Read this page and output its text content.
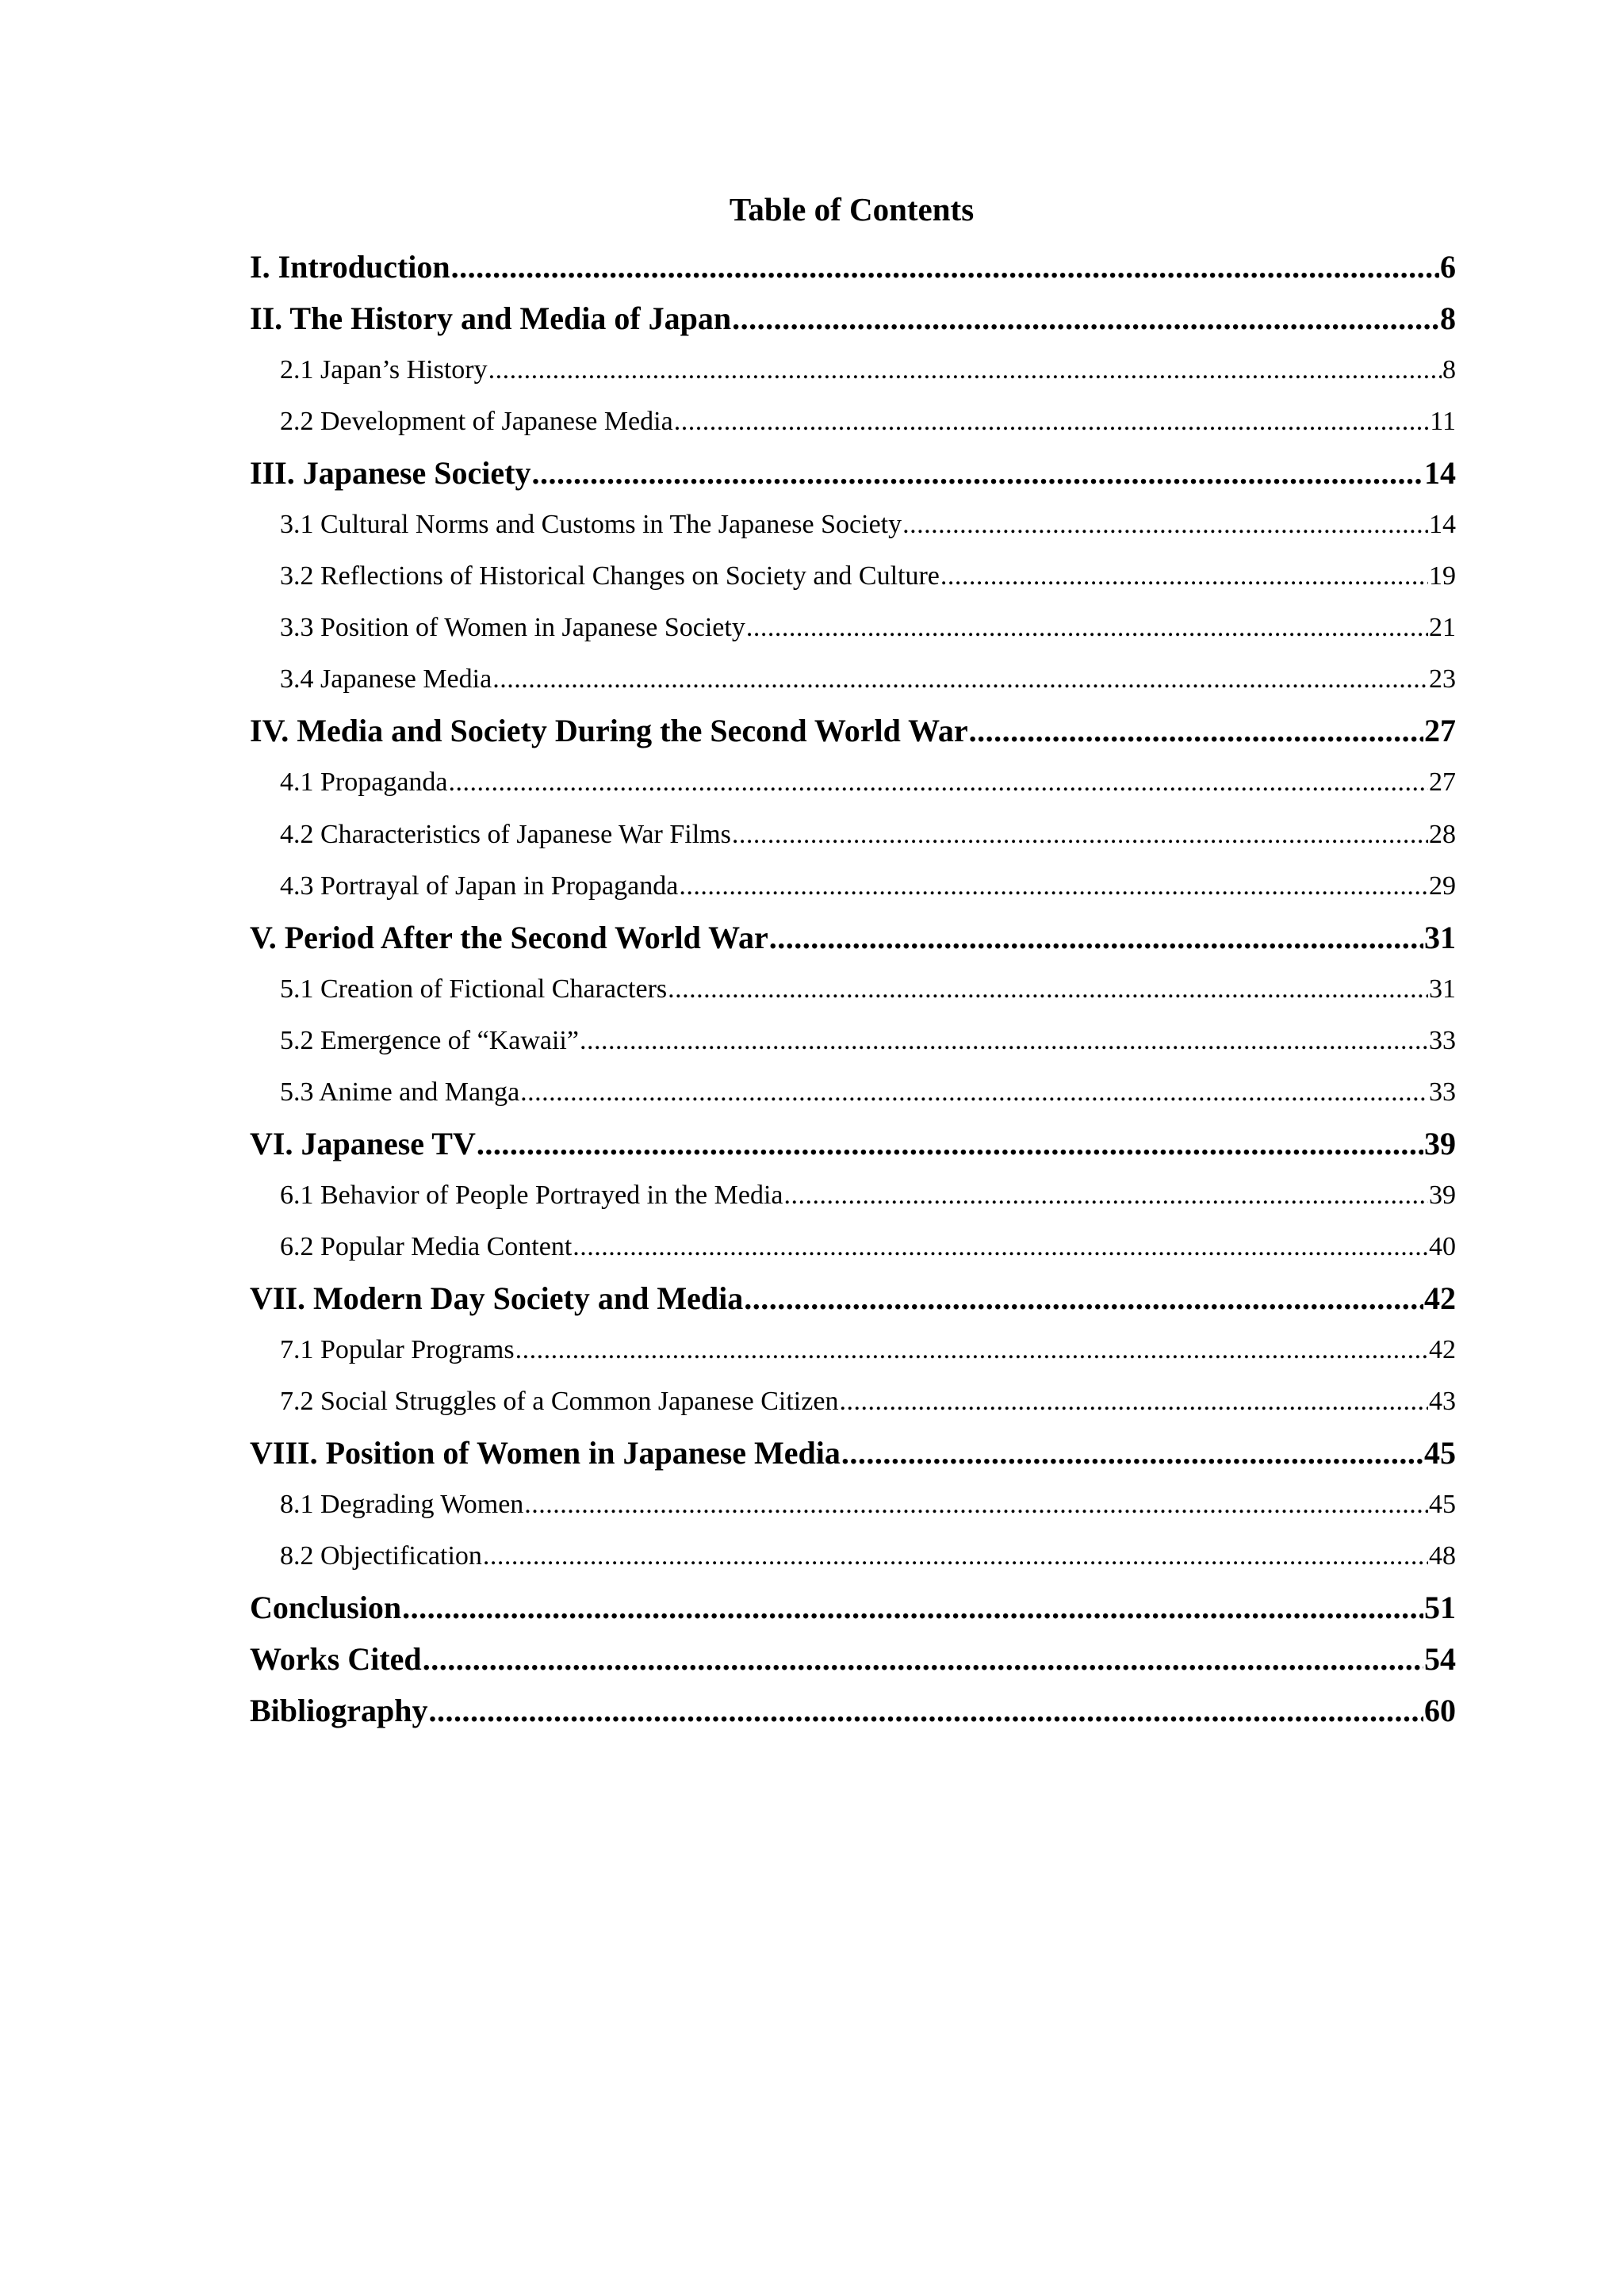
Table of Contents
I. Introduction .....	6
II. The History and Media of Japan .....	8
2.1 Japan’s History .....	8
2.2 Development of Japanese Media .....	11
III. Japanese Society .....	14
3.1 Cultural Norms and Customs in The Japanese Society .....	14
3.2 Reflections of Historical Changes on Society and Culture .....	19
3.3 Position of Women in Japanese Society .....	21
3.4 Japanese Media .....	23
IV. Media and Society During the Second World War .....	27
4.1 Propaganda .....	27
4.2 Characteristics of Japanese War Films .....	28
4.3 Portrayal of Japan in Propaganda .....	29
V. Period After the Second World War .....	31
5.1 Creation of Fictional Characters .....	31
5.2 Emergence of “Kawaii” .....	33
5.3 Anime and Manga .....	33
VI. Japanese TV .....	39
6.1 Behavior of People Portrayed in the Media .....	39
6.2 Popular Media Content .....	40
VII. Modern Day Society and Media .....	42
7.1 Popular Programs .....	42
7.2 Social Struggles of a Common Japanese Citizen .....	43
VIII. Position of Women in Japanese Media .....	45
8.1 Degrading Women .....	45
8.2 Objectification .....	48
Conclusion .....	51
Works Cited .....	54
Bibliography .....	60
